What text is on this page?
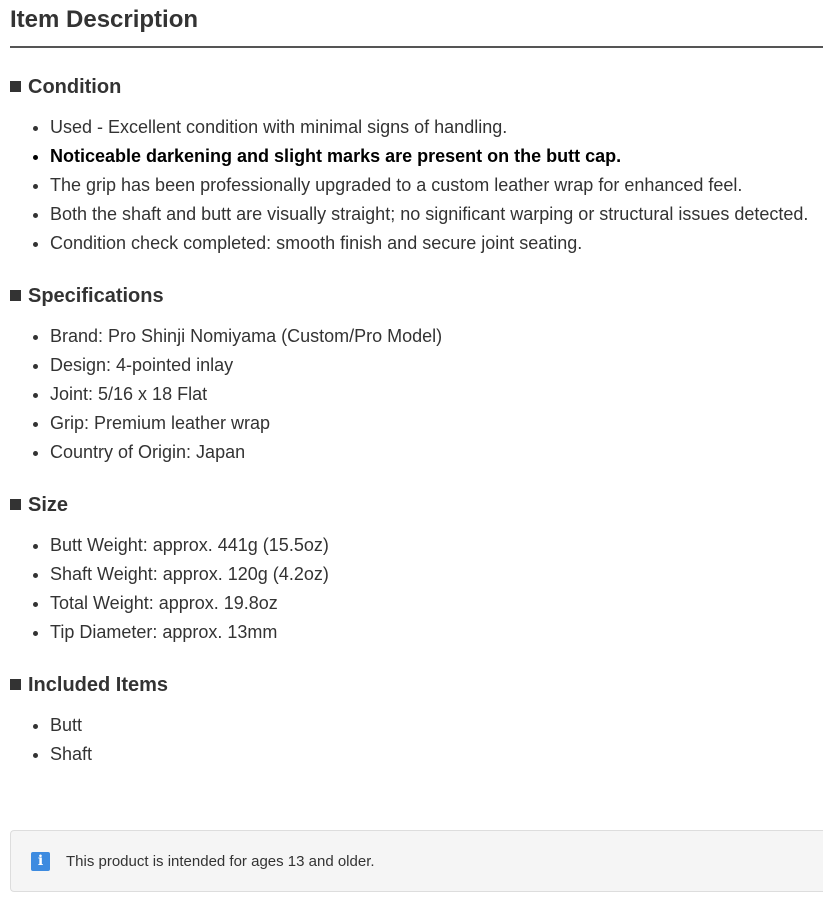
Item Description
Condition
• Used - Excellent condition with minimal signs of handling.
• Noticeable darkening and slight marks are present on the butt cap.
• The grip has been professionally upgraded to a custom leather wrap for enhanced feel.
• Both the shaft and butt are visually straight; no significant warping or structural issues detected.
• Condition check completed: smooth finish and secure joint seating.
Specifications
• Brand: Pro Shinji Nomiyama (Custom/Pro Model)
• Design: 4-pointed inlay
• Joint: 5/16 x 18 Flat
• Grip: Premium leather wrap
• Country of Origin: Japan
Size
• Butt Weight: approx. 441g (15.5oz)
• Shaft Weight: approx. 120g (4.2oz)
• Total Weight: approx. 19.8oz
• Tip Diameter: approx. 13mm
Included Items
• Butt
• Shaft
i	This product is intended for ages 13 and older.
